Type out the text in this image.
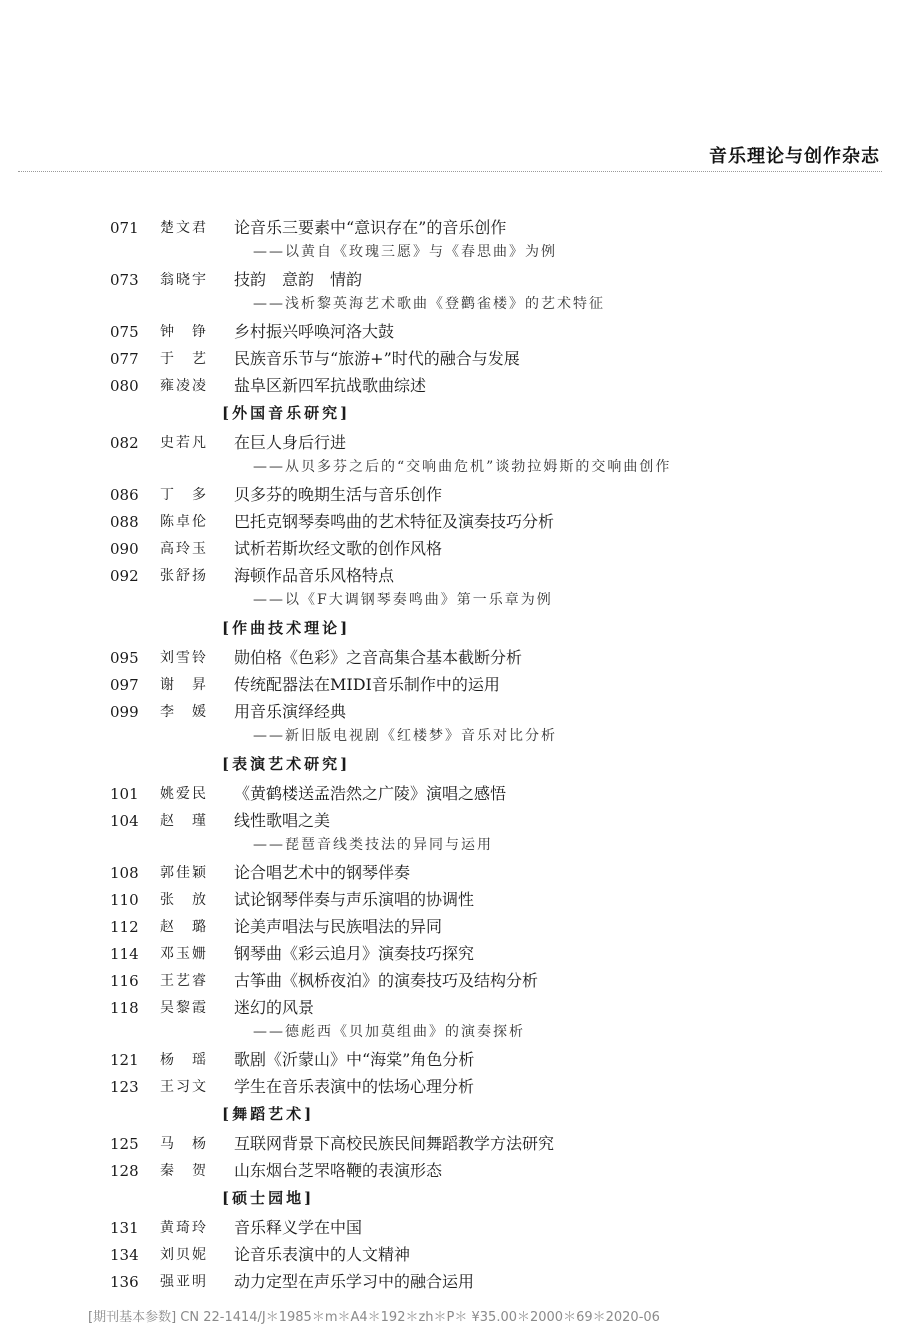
音乐理论与创作杂志
071	楚文君	论音乐三要素中“意识存在”的音乐创作
——以黄自《玫瑰三愿》与《春思曲》为例
073	翁晓宇	技韵　意韵　情韵
——浅析黎英海艺术歌曲《登鹳雀楼》的艺术特征
075	钟　铮	乡村振兴呼唤河洛大鼓
077	于　艺	民族音乐节与“旅游+”时代的融合与发展
080	雍凌凌	盐阜区新四军抗战歌曲综述
[外国音乐研究]
082	史若凡	在巨人身后行进
——从贝多芬之后的“交响曲危机”谈勃拉姆斯的交响曲创作
086	丁　多	贝多芬的晚期生活与音乐创作
088	陈卓伦	巴托克钢琴奏鸣曲的艺术特征及演奏技巧分析
090	高玲玉	试析若斯坎经文歌的创作风格
092	张舒扬	海顿作品音乐风格特点
——以《F大调钢琴奏鸣曲》第一乐章为例
[作曲技术理论]
095	刘雪铃	勋伯格《色彩》之音高集合基本截断分析
097	谢　昇	传统配器法在MIDI音乐制作中的运用
099	李　媛	用音乐演绎经典
——新旧版电视剧《红楼梦》音乐对比分析
[表演艺术研究]
101	姚爱民	《黄鹤楼送孟浩然之广陵》演唱之感悟
104	赵　瑾	线性歌唱之美
——琵琶音线类技法的异同与运用
108	郭佳颖	论合唱艺术中的钢琴伴奏
110	张　放	试论钢琴伴奏与声乐演唱的协调性
112	赵　璐	论美声唱法与民族唱法的异同
114	邓玉姗	钢琴曲《彩云追月》演奏技巧探究
116	王艺睿	古筝曲《枫桥夜泊》的演奏技巧及结构分析
118	吴黎霞	迷幻的风景
——德彪西《贝加莫组曲》的演奏探析
121	杨　瑶	歌剧《沂蒙山》中“海棠”角色分析
123	王习文	学生在音乐表演中的怯场心理分析
[舞蹈艺术]
125	马　杨	互联网背景下高校民族民间舞蹈教学方法研究
128	秦　贺	山东烟台芝罘咯鞭的表演形态
[硕士园地]
131	黄琦玲	音乐释义学在中国
134	刘贝妮	论音乐表演中的人文精神
136	强亚明	动力定型在声乐学习中的融合运用
[期刊基本参数] CN 22-1414/J＊1985＊m＊A4＊192＊zh＊P＊ ¥35.00＊2000＊69＊2020-06
